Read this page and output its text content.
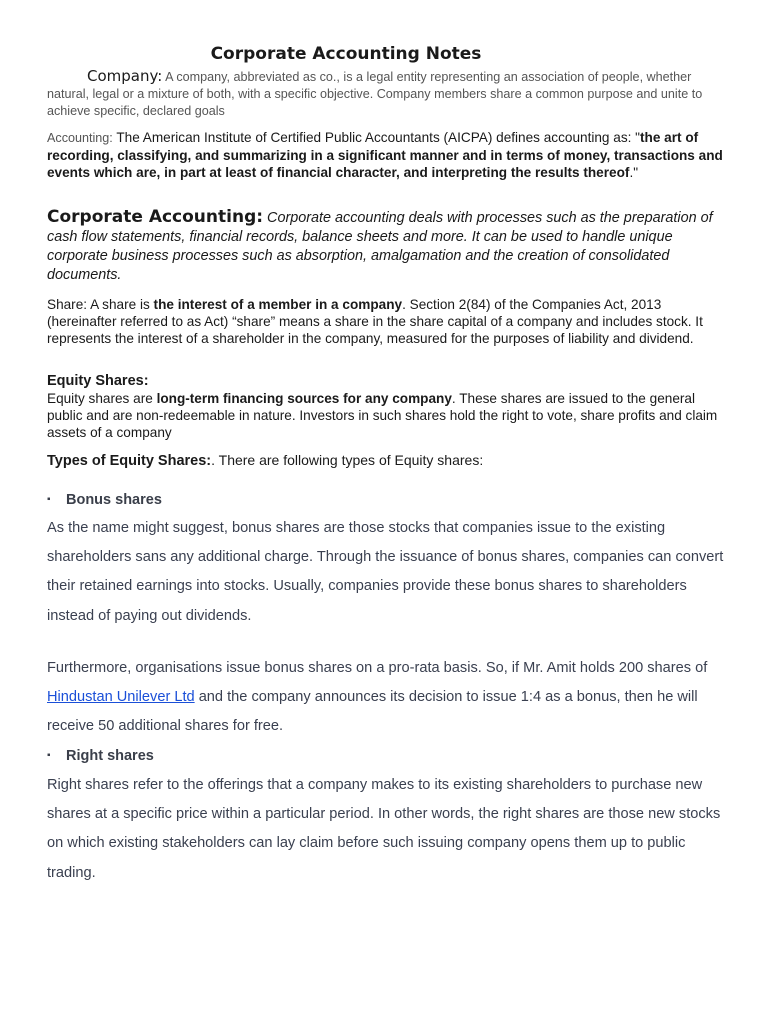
Corporate Accounting Notes
Company: A company, abbreviated as co., is a legal entity representing an association of people, whether natural, legal or a mixture of both, with a specific objective. Company members share a common purpose and unite to achieve specific, declared goals
Accounting: The American Institute of Certified Public Accountants (AICPA) defines accounting as: "the art of recording, classifying, and summarizing in a significant manner and in terms of money, transactions and events which are, in part at least of financial character, and interpreting the results thereof."
Corporate Accounting: Corporate accounting deals with processes such as the preparation of cash flow statements, financial records, balance sheets and more. It can be used to handle unique corporate business processes such as absorption, amalgamation and the creation of consolidated documents.
Share: A share is the interest of a member in a company. Section 2(84) of the Companies Act, 2013 (hereinafter referred to as Act) “share” means a share in the share capital of a company and includes stock. It represents the interest of a shareholder in the company, measured for the purposes of liability and dividend.
Equity Shares:
Equity shares are long-term financing sources for any company. These shares are issued to the general public and are non-redeemable in nature. Investors in such shares hold the right to vote, share profits and claim assets of a company
Types of Equity Shares:. There are following types of Equity shares:
▪ Bonus shares
As the name might suggest, bonus shares are those stocks that companies issue to the existing shareholders sans any additional charge. Through the issuance of bonus shares, companies can convert their retained earnings into stocks. Usually, companies provide these bonus shares to shareholders instead of paying out dividends.
Furthermore, organisations issue bonus shares on a pro-rata basis. So, if Mr. Amit holds 200 shares of Hindustan Unilever Ltd and the company announces its decision to issue 1:4 as a bonus, then he will receive 50 additional shares for free.
▪ Right shares
Right shares refer to the offerings that a company makes to its existing shareholders to purchase new shares at a specific price within a particular period. In other words, the right shares are those new stocks on which existing stakeholders can lay claim before such issuing company opens them up to public trading.
